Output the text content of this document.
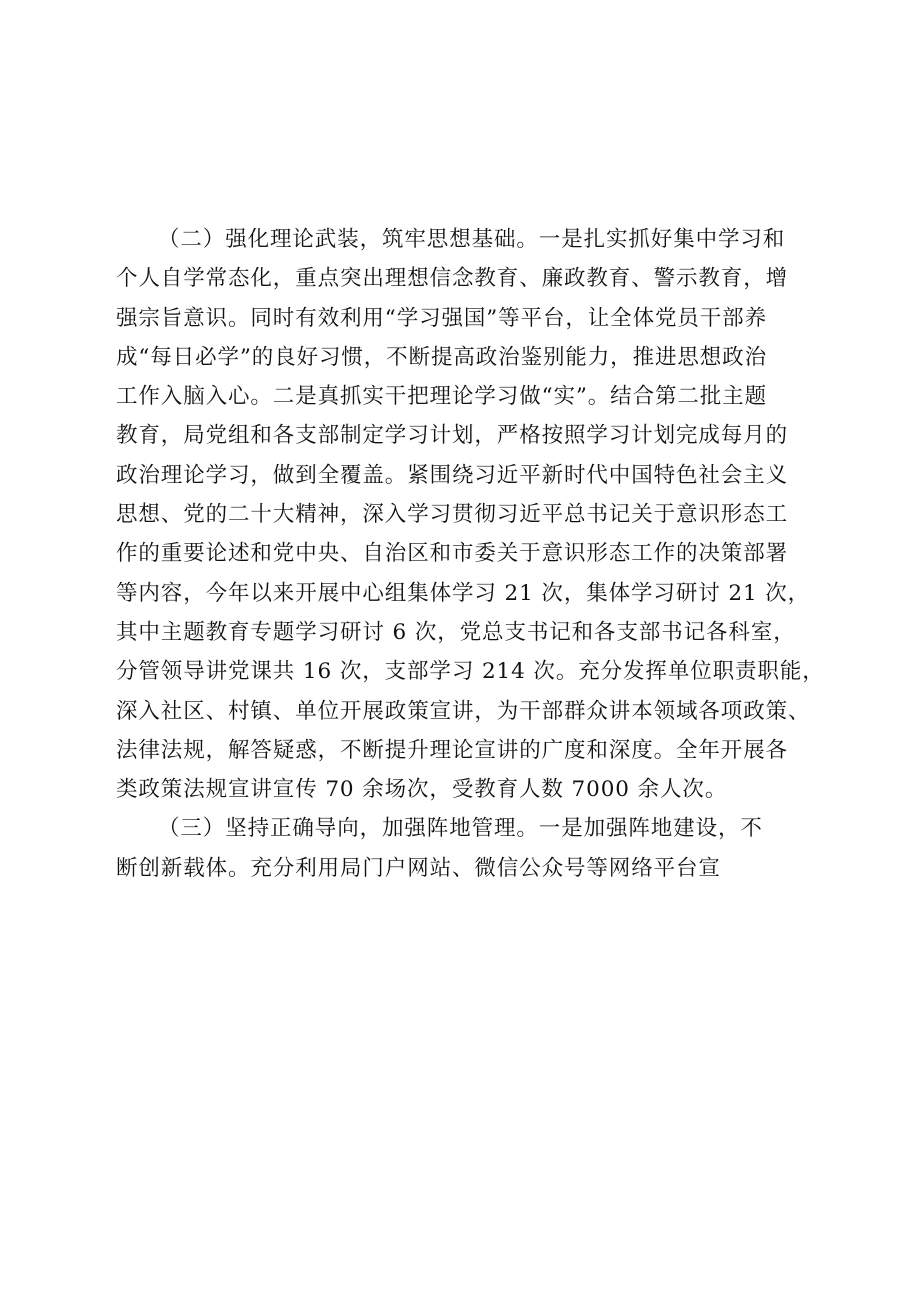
（二）强化理论武装，筑牢思想基础。一是扎实抓好集中学习和
个人自学常态化，重点突出理想信念教育、廉政教育、警示教育，增
强宗旨意识。同时有效利用“学习强国”等平台，让全体党员干部养
成“每日必学”的良好习惯，不断提高政治鉴别能力，推进思想政治
工作入脑入心。二是真抓实干把理论学习做“实”。结合第二批主题
教育，局党组和各支部制定学习计划，严格按照学习计划完成每月的
政治理论学习，做到全覆盖。紧围绕习近平新时代中国特色社会主义
思想、党的二十大精神，深入学习贯彻习近平总书记关于意识形态工
作的重要论述和党中央、自治区和市委关于意识形态工作的决策部署
等内容，今年以来开展中心组集体学习 21 次，集体学习研讨 21 次，
其中主题教育专题学习研讨 6 次，党总支书记和各支部书记各科室，
分管领导讲党课共 16 次，支部学习 214 次。充分发挥单位职责职能，
深入社区、村镇、单位开展政策宣讲，为干部群众讲本领域各项政策、
法律法规，解答疑惑，不断提升理论宣讲的广度和深度。全年开展各
类政策法规宣讲宣传 70 余场次，受教育人数 7000 余人次。
（三）坚持正确导向，加强阵地管理。一是加强阵地建设，不
断创新载体。充分利用局门户网站、微信公众号等网络平台宣
